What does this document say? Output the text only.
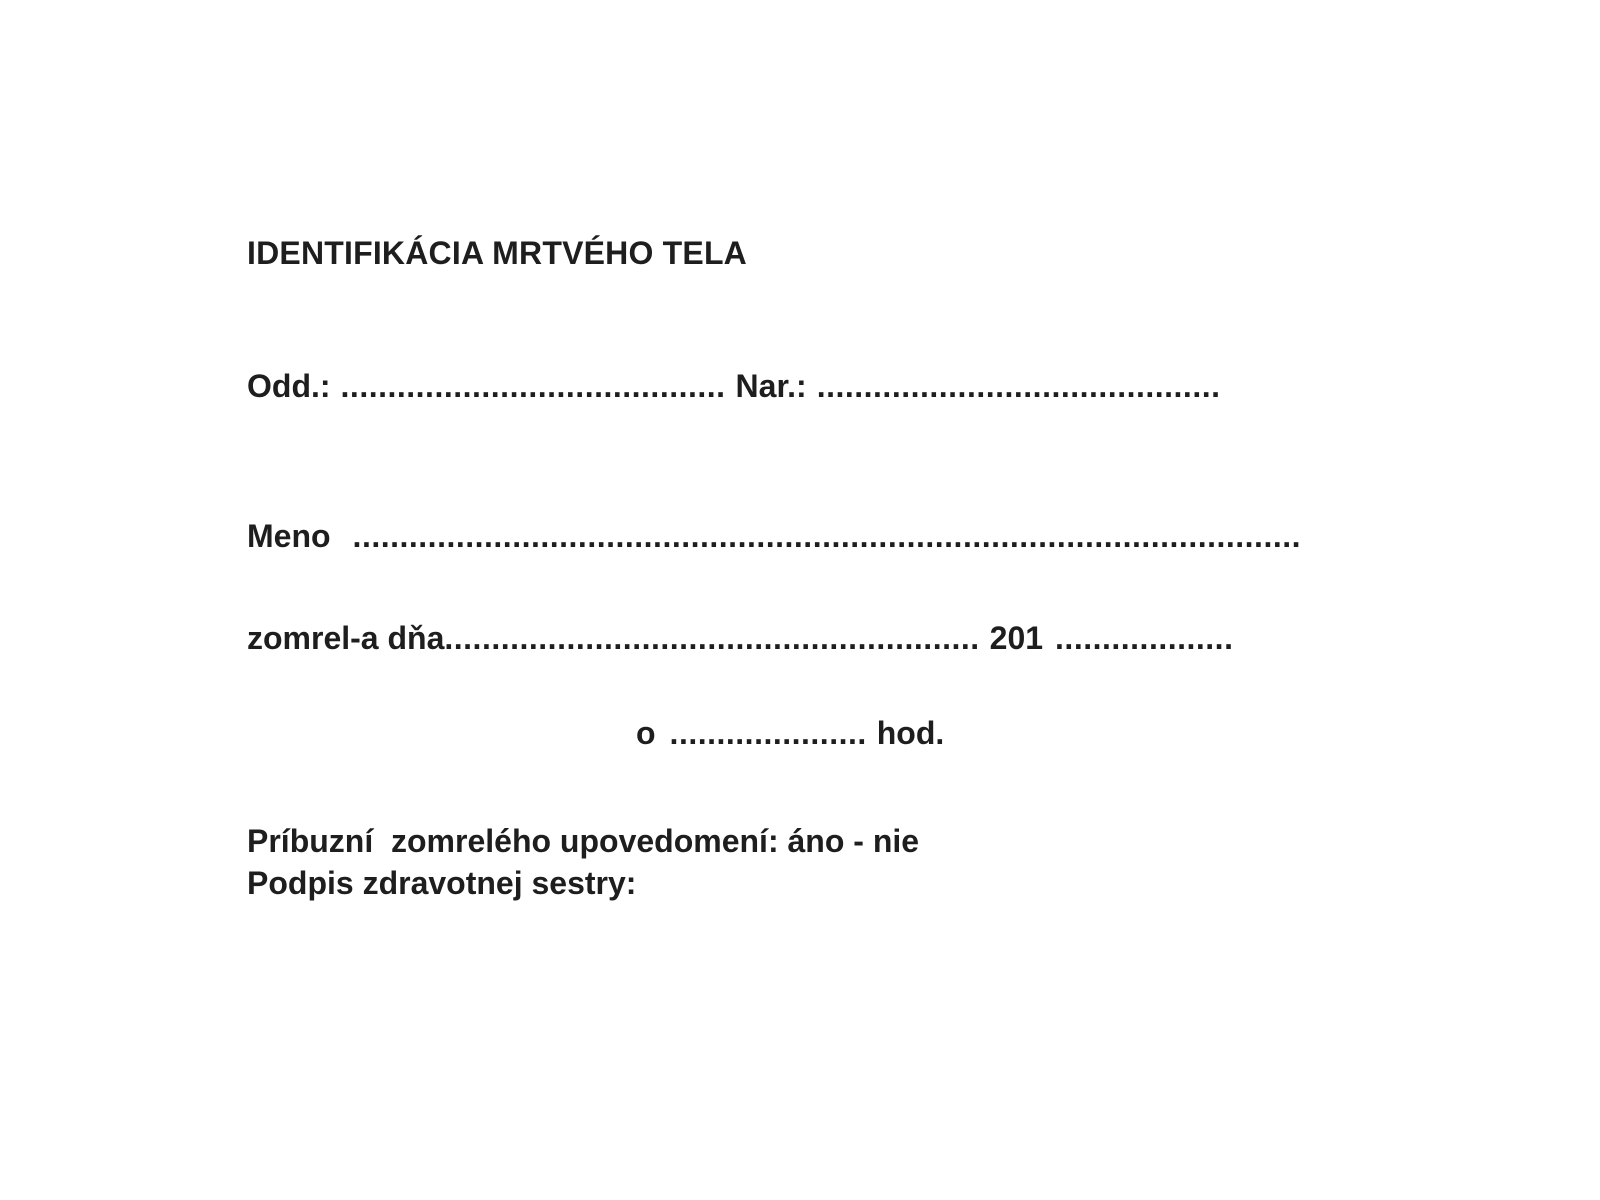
IDENTIFIKÁCIA MRTVÉHO TELA
Odd.: ......................................... Nar.: ...........................................
Meno .....................................................................................................
zomrel-a dňa ......................................................... 201 ...................
o ..................... hod.
Príbuzní  zomrelého upovedomení: áno - nie
Podpis zdravotnej sestry:
